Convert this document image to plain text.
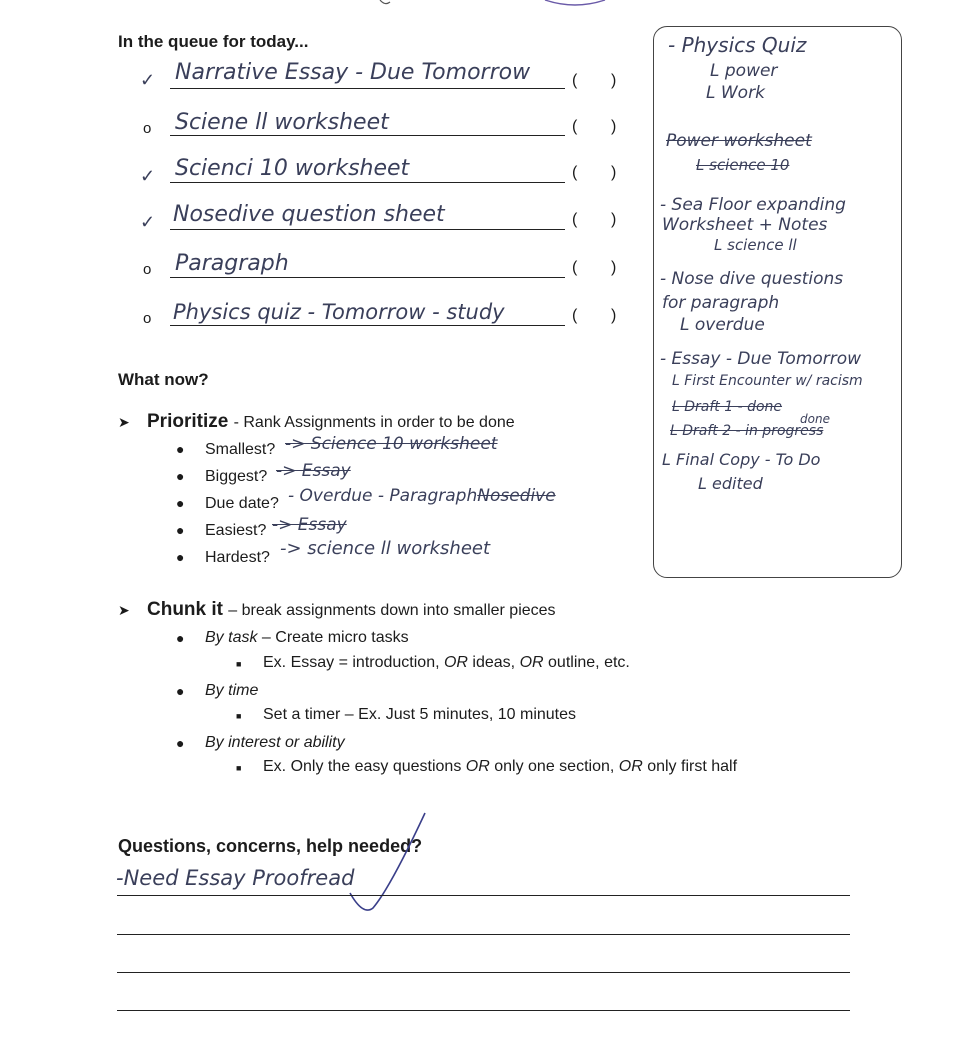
In the queue for today...
✓ Narrative Essay - Due Tomorrow	( )
o Sciene ll worksheet	( )
✓ Scienci 10 worksheet	( )
✓ Nosedive question sheet	( )
o Paragraph	( )
o Physics quiz - Tomorrow - study	( )
- Physics Quiz
L power
L Work
Power worksheet
L science 10
- Sea Floor expanding
Worksheet + Notes
L science ll
- Nose dive questions
for paragraph
L overdue
- Essay - Due Tomorrow
L First Encounter w/ racism
L Draft 1 - done
L Draft 2 - in progress
done
L Final Copy - To Do
L edited
What now?
➤ Prioritize - Rank Assignments in order to be done
● Smallest? -> Science 10 worksheet
● Biggest? -> Essay
● Due date? - Overdue - ParagraphNosedive
● Easiest? -> Essay
● Hardest? -> science ll worksheet
➤ Chunk it – break assignments down into smaller pieces
● By task – Create micro tasks
■ Ex. Essay = introduction, OR ideas, OR outline, etc.
● By time
■ Set a timer – Ex. Just 5 minutes, 10 minutes
● By interest or ability
■ Ex. Only the easy questions OR only one section, OR only first half
Questions, concerns, help needed?
-Need Essay Proofread
